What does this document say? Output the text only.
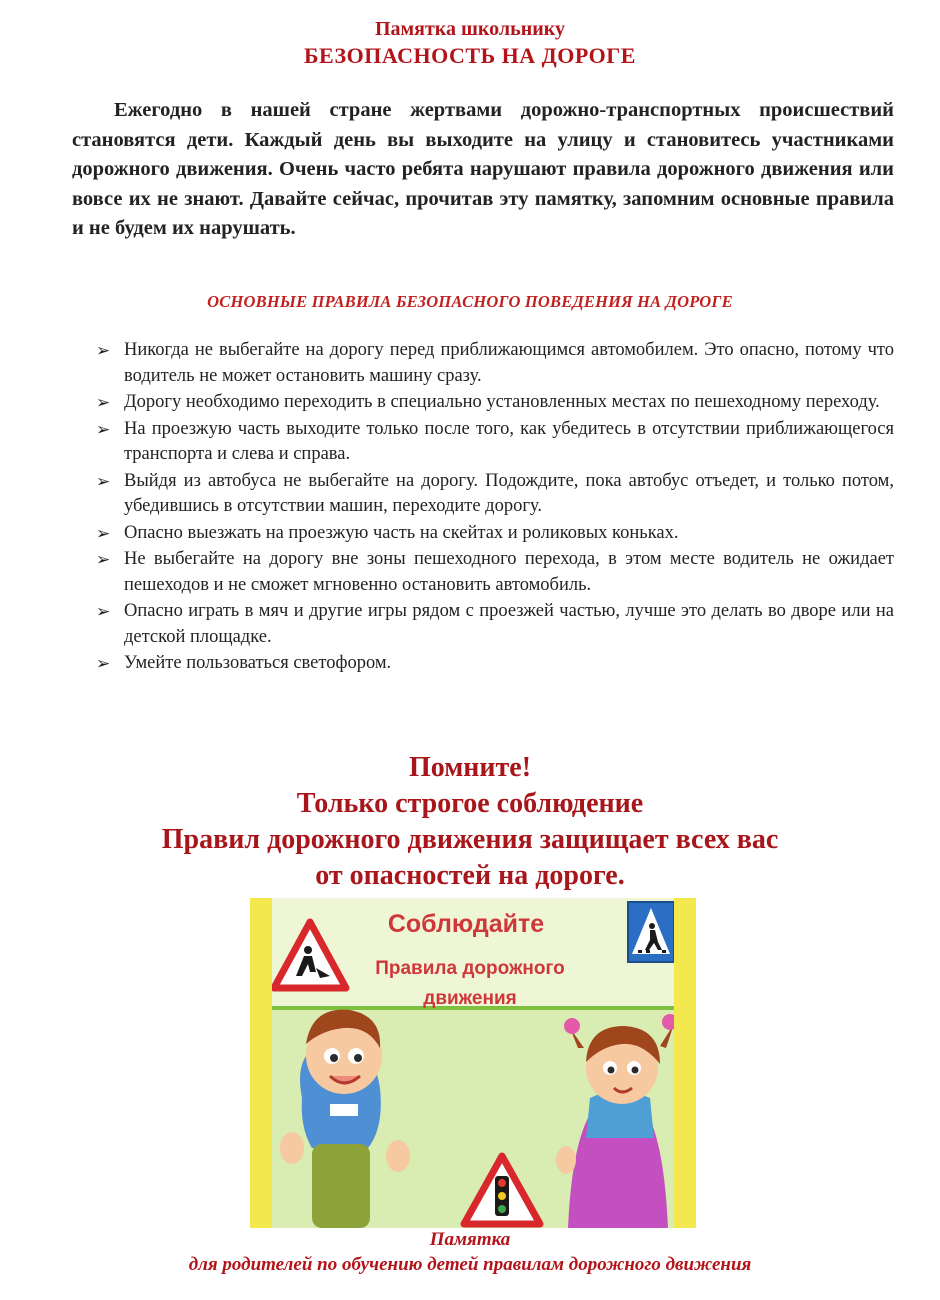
Памятка школьнику
БЕЗОПАСНОСТЬ НА ДОРОГЕ

Ежегодно в нашей стране жертвами дорожно-транспортных происшествий становятся дети. Каждый день вы выходите на улицу и становитесь участниками дорожного движения. Очень часто ребята нарушают правила дорожного движения или вовсе их не знают. Давайте сейчас, прочитав эту памятку, запомним основные правила и не будем их нарушать.

ОСНОВНЫЕ ПРАВИЛА БЕЗОПАСНОГО ПОВЕДЕНИЯ НА ДОРОГЕ
➢ Никогда не выбегайте на дорогу перед приближающимся автомобилем. Это опасно, потому что водитель не может остановить машину сразу.
➢ Дорогу необходимо переходить в специально установленных местах по пешеходному переходу.
➢ На проезжую часть выходите только после того, как убедитесь в отсутствии приближающегося транспорта и слева и справа.
➢ Выйдя из автобуса не выбегайте на дорогу. Подождите, пока автобус отъедет, и только потом, убедившись в отсутствии машин, переходите дорогу.
➢ Опасно выезжать на проезжую часть на скейтах и роликовых коньках.
➢ Не выбегайте на дорогу вне зоны пешеходного перехода, в этом месте водитель не ожидает пешеходов и не сможет мгновенно остановить автомобиль.
➢ Опасно играть в мяч и другие игры рядом с проезжей частью, лучше это делать во дворе или на детской площадке.
➢ Умейте пользоваться светофором.
Помните!
Только строгое соблюдение
Правил дорожного движения защищает всех вас
от опасностей на дороге.
Соблюдайте
Правила дорожного
движения
Памятка
для родителей по обучению детей правилам дорожного движения
